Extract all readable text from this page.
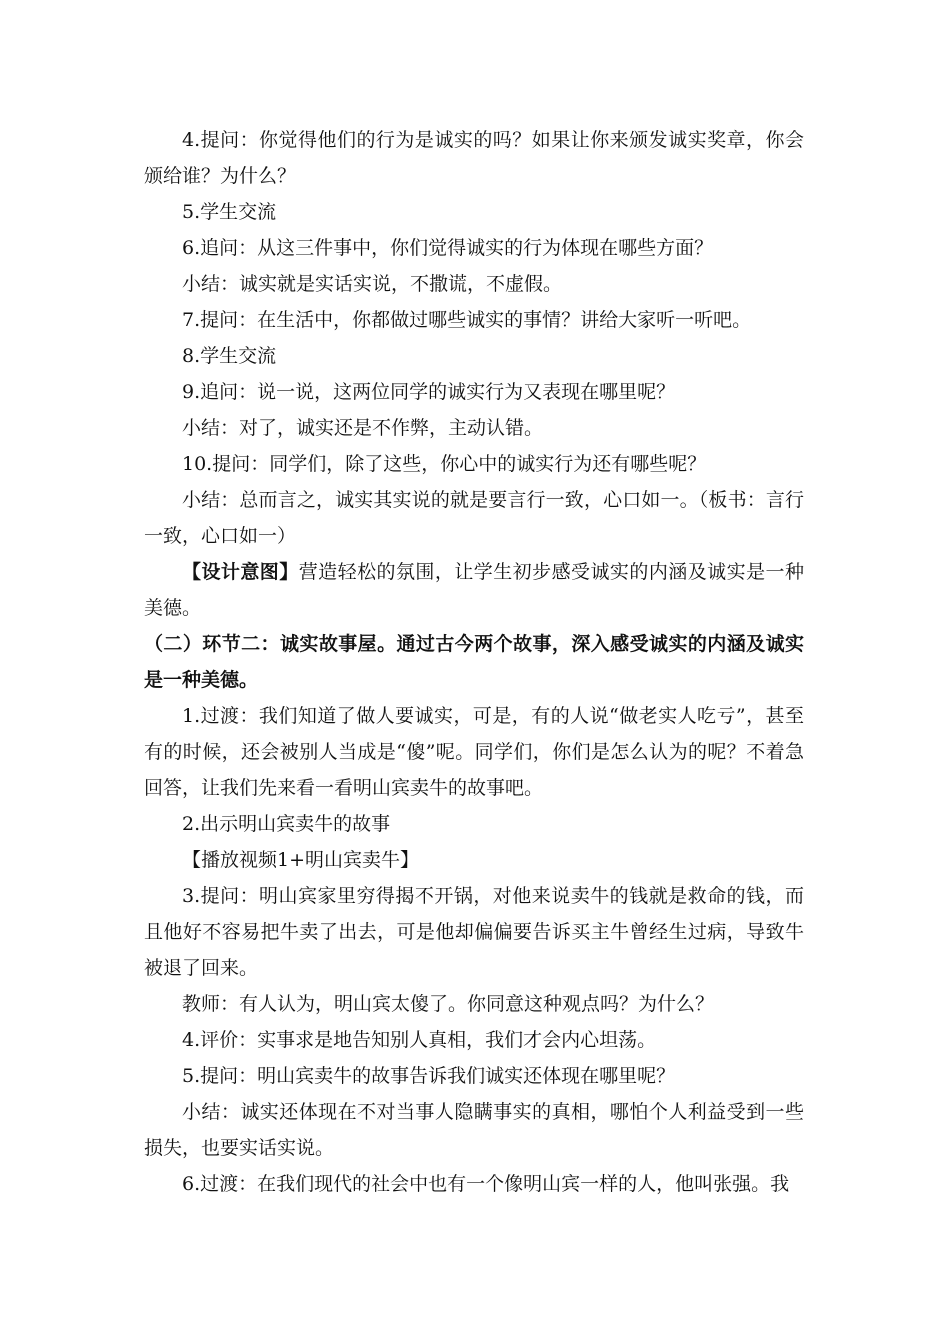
4.提问：你觉得他们的行为是诚实的吗？如果让你来颁发诚实奖章，你会颁给谁？为什么？

5.学生交流

6.追问：从这三件事中，你们觉得诚实的行为体现在哪些方面？

小结：诚实就是实话实说，不撒谎，不虚假。

7.提问：在生活中，你都做过哪些诚实的事情？讲给大家听一听吧。

8.学生交流

9.追问：说一说，这两位同学的诚实行为又表现在哪里呢？

小结：对了，诚实还是不作弊，主动认错。

10.提问：同学们，除了这些，你心中的诚实行为还有哪些呢？

小结：总而言之，诚实其实说的就是要言行一致，心口如一。（板书：言行一致，心口如一）

【设计意图】营造轻松的氛围，让学生初步感受诚实的内涵及诚实是一种美德。

（二）环节二：诚实故事屋。通过古今两个故事，深入感受诚实的内涵及诚实是一种美德。

1.过渡：我们知道了做人要诚实，可是，有的人说“做老实人吃亏”，甚至有的时候，还会被别人当成是“傻”呢。同学们，你们是怎么认为的呢？不着急回答，让我们先来看一看明山宾卖牛的故事吧。

2.出示明山宾卖牛的故事

【播放视频1+明山宾卖牛】

3.提问：明山宾家里穷得揭不开锅，对他来说卖牛的钱就是救命的钱，而且他好不容易把牛卖了出去，可是他却偏偏要告诉买主牛曾经生过病，导致牛被退了回来。

教师：有人认为，明山宾太傻了。你同意这种观点吗？为什么？

4.评价：实事求是地告知别人真相，我们才会内心坦荡。

5.提问：明山宾卖牛的故事告诉我们诚实还体现在哪里呢？

小结：诚实还体现在不对当事人隐瞒事实的真相，哪怕个人利益受到一些损失，也要实话实说。

6.过渡：在我们现代的社会中也有一个像明山宾一样的人，他叫张强。我
